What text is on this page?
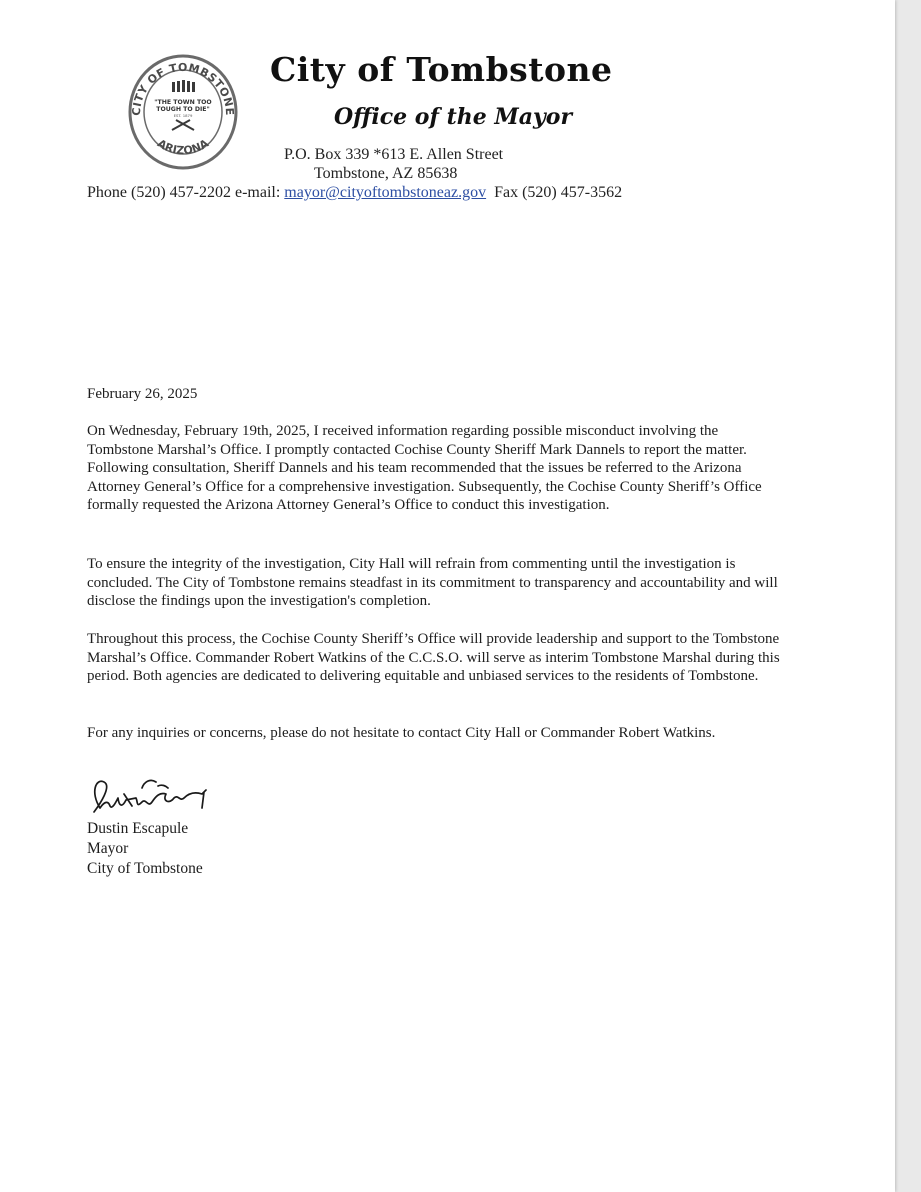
CITY OF TOMBSTONE
ARIZONA
"THE TOWN TOO
TOUGH TO DIE"
EST. 1879
City of Tombstone
Office of the Mayor
P.O. Box 339 *613 E. Allen Street
Tombstone, AZ 85638
Phone (520) 457-2202 e-mail: mayor@cityoftombstoneaz.gov Fax (520) 457-3562
February 26, 2025

On Wednesday, February 19th, 2025, I received information regarding possible misconduct involving the Tombstone Marshal’s Office. I promptly contacted Cochise County Sheriff Mark Dannels to report the matter. Following consultation, Sheriff Dannels and his team recommended that the issues be referred to the Arizona Attorney General’s Office for a comprehensive investigation. Subsequently, the Cochise County Sheriff’s Office formally requested the Arizona Attorney General’s Office to conduct this investigation.

To ensure the integrity of the investigation, City Hall will refrain from commenting until the investigation is concluded. The City of Tombstone remains steadfast in its commitment to transparency and accountability and will disclose the findings upon the investigation's completion.

Throughout this process, the Cochise County Sheriff’s Office will provide leadership and support to the Tombstone Marshal’s Office. Commander Robert Watkins of the C.C.S.O. will serve as interim Tombstone Marshal during this period. Both agencies are dedicated to delivering equitable and unbiased services to the residents of Tombstone.

For any inquiries or concerns, please do not hesitate to contact City Hall or Commander Robert Watkins.

Dustin Escapule
Mayor
City of Tombstone
